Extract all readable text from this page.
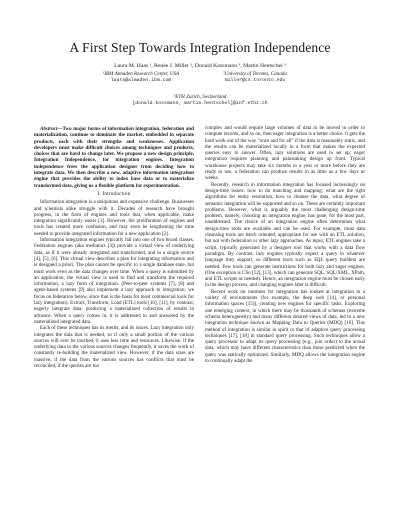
A First Step Towards Integration Independence
Laura M. Haas ¹, Renée J. Miller ², Donald Kossmann ³, Martin Hentschel ³
¹IBM Almaden Research Center, USA
laura@almaden.ibm.com
²University of Toronto, Canada
miller@cs.toronto.edu
³ETH Zurich, Switzerland
[donald.kossmann, martin.hentschel]@inf.ethz.ch

Abstract—Two major forms of information integration, federation and materialization, continue to dominate the market, embedded in separate products, each with their strengths and weaknesses. Application developers must make difficult choices among techniques and products, choices that are hard to change later. We propose a new design principle, Integration Independence, for integration engines. Integration independence frees the application designer from deciding how to integrate data. We then describe a new, adaptive information integration engine that provides the ability to index base data or to materialize transformed data, giving us a flexible platform for experimentation.

I. Introduction

Information integration is a ubiquitous and expensive challenge. Businesses and scientists alike struggle with it. Decades of research have brought progress, in the form of engines and tools that, when applicable, make integration significantly easier [1]. However, the proliferation of engines and tools has created more confusion, and may even be lengthening the time needed to provide integrated information for a new application [2].

Information integration engines typically fall into one of two broad classes. Federation engines (aka mediators [3]) provide a virtual view of underlying data, as if it were already integrated and transformed, and in a single source [4], [5], [6]. This virtual view describes a plan for integrating information and is designed a priori. The plan cannot be specific to a single database state, but must work even as the data changes over time. When a query is submitted by an application, the virtual view is used to find and transform the required information, a lazy form of integration. (Peer-to-peer systems [7], [8] and agent-based systems [9] also implement a lazy approach to integration; we focus on federation below, since that is the basis for most commercial tools for lazy integration). Extract, Transform, Load (ETL) tools [10], [11], by contrast, eagerly integrate data, producing a materialized collection of results in advance. When a query comes in, it is addressed to and answered by the materialized integrated data.

Each of these techniques has its merits, and its issues. Lazy integration only integrates the data that is needed, so if only a small portion of the various sources will ever be touched, it uses less time and resources. Likewise, if the underlying data in the various sources changes frequently, it saves the work of constantly re-building the materialized view. However, if the data sizes are massive, if the data from the various sources has conflicts that must be reconciled, if the queries are too

complex and would require large volumes of data to be moved in order to compute records, and so on, then eager integration is a better choice. It gets the hard work out of the way "once and for all" if the data is reasonably static, and the results can be materialized locally in a form that makes the expected queries easy to answer. Often, lazy solutions are used to set up; eager integration requires planning and painstaking design up front. Typical warehouse projects may take six months to a year or more before they are ready to use, a federation can produce results in as little as a few days or weeks.

Recently, research in information integration has focused increasingly on design-time issues: how to do matching and mapping; what are the right algorithms for entity resolution, how to cleanse the data, what degree of semantic integration will be supported and so on. These are certainly important problems. However, what is arguably the most challenging design-time problem, namely, choosing an integration engine, has gone, for the most part, unaddressed. The choice of an integration engine often determines what design-time tools are available and can be used. For example, most data cleansing tools are batch oriented, appropriate for use with an ETL solution, but not with federation or other lazy approaches. As input, ETL engines take a script, typically generated by a designer tool that works with a data flow paradigm. By contrast, lazy engines typically expect a query in whatever language they support, so different tools such as SQL query builders are needed. Few tools can generate instructions for both lazy and eager engines. (One exception is Clio [12], [13], which can generate SQL, SQL/XML, XPath, and ETL scripts as needed). Hence, an integration engine must be chosen early in the design process, and changing engines later is difficult.

Recent work on runtimes for integration has looked at integration in a variety of environments (for example, the deep web [14], or personal information spaces [15]), creating new engines for specific tasks. Exploring one emerging context, in which there may be thousands of schemas (extreme schema heterogeneity) and many different desired views of data, led to a new integration technique known as Mapping Data to Queries (MDQ) [16]. This method of integration is similar in spirit to that of adaptive query processing techniques [17], [18] in standard query processing. Such techniques allow a query processor to adapt its query processing (e.g., join order) to the actual data, which may have different characteristics than those predicted when the query was statically optimized. Similarly, MDQ allows the integration engine to continually adapt the
